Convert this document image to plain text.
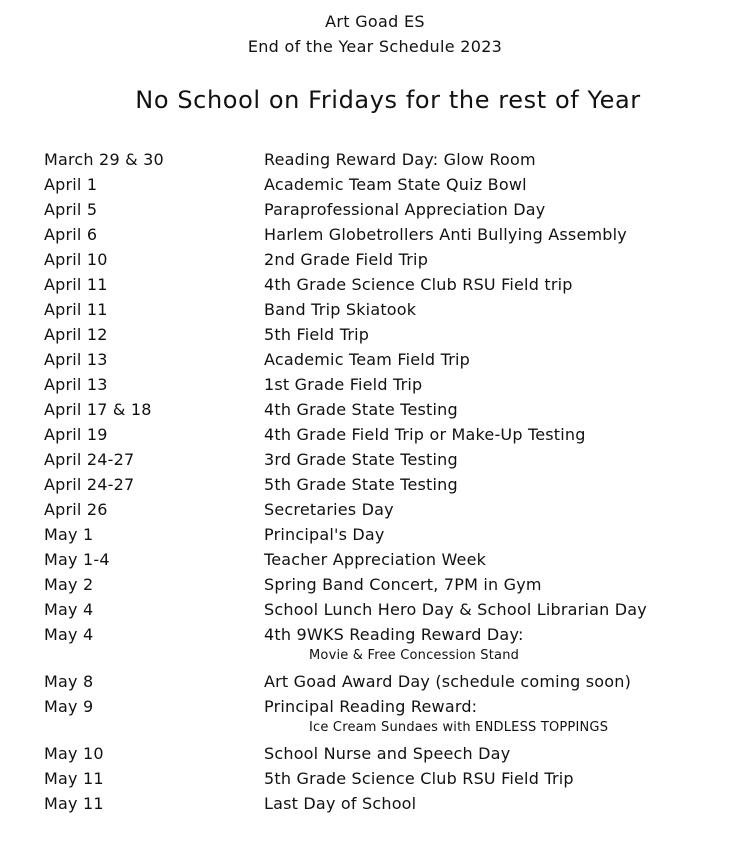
Art Goad ES
End of the Year Schedule 2023
No School on Fridays for the rest of Year
March 29 & 30	Reading Reward Day: Glow Room
April 1	Academic Team State Quiz Bowl
April 5	Paraprofessional Appreciation Day
April 6	Harlem Globetrollers Anti Bullying Assembly
April 10	2nd Grade Field Trip
April 11	4th Grade Science Club RSU Field trip
April 11	Band Trip Skiatook
April 12	5th Field Trip
April 13	Academic Team Field Trip
April 13	1st Grade Field Trip
April 17 & 18	4th Grade State Testing
April 19	4th Grade Field Trip or Make-Up Testing
April 24-27	3rd Grade State Testing
April 24-27	5th Grade State Testing
April 26	Secretaries Day
May 1	Principal's Day
May 1-4	Teacher Appreciation Week
May 2	Spring Band Concert, 7PM in Gym
May 4	School Lunch Hero Day & School Librarian Day
May 4	4th 9WKS Reading Reward Day:
Movie & Free Concession Stand
May 8	Art Goad Award Day (schedule coming soon)
May 9	Principal Reading Reward:
Ice Cream Sundaes with ENDLESS TOPPINGS
May 10	School Nurse and Speech Day
May 11	5th Grade Science Club RSU Field Trip
May 11	Last Day of School
